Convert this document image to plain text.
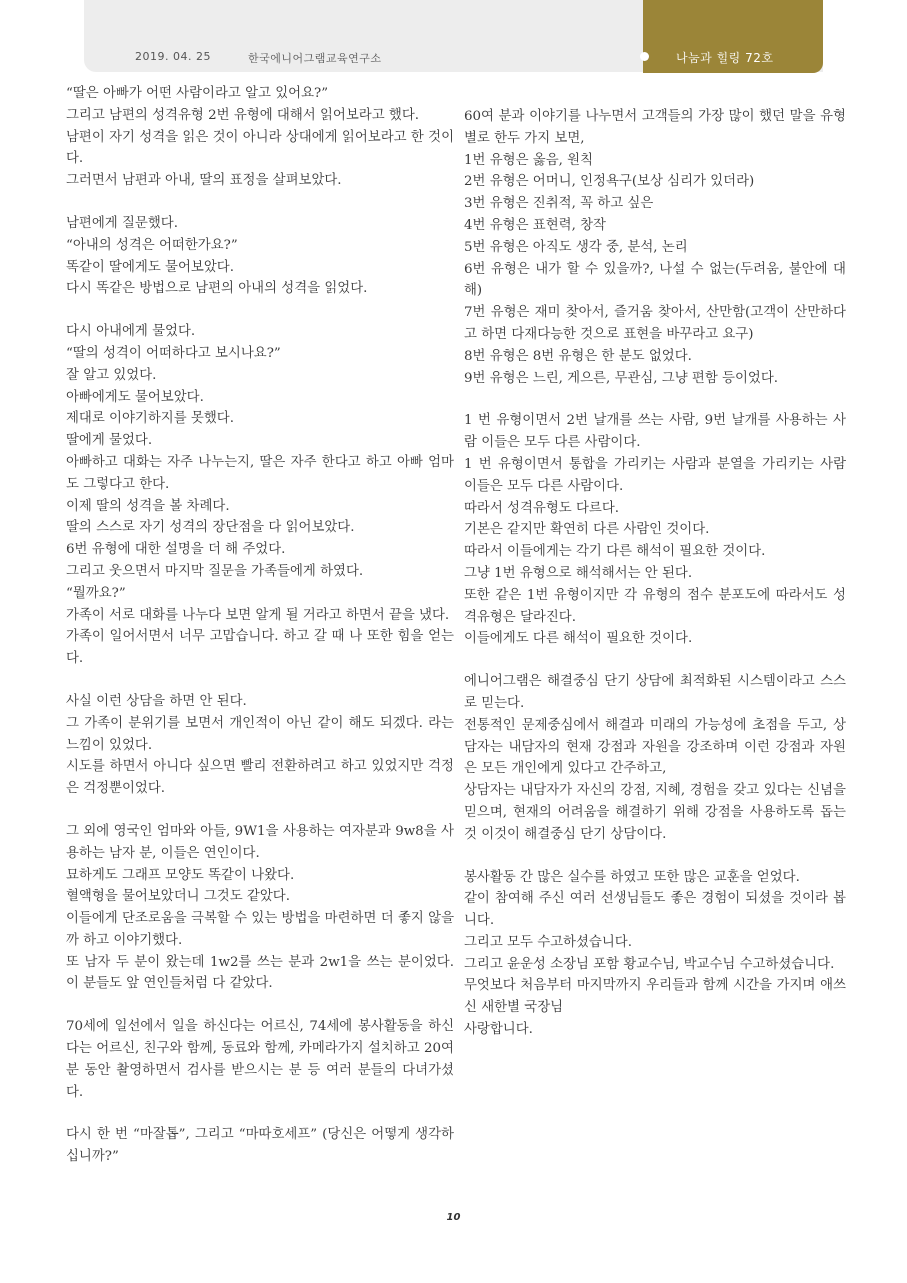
2019. 04. 25	한국에니어그램교육연구소	나눔과 힐링 72호

“딸은 아빠가 어떤 사람이라고 알고 있어요?”
그리고 남편의 성격유형 2번 유형에 대해서 읽어보라고 했다.
남편이 자기 성격을 읽은 것이 아니라 상대에게 읽어보라고 한 것이다.
그러면서 남편과 아내, 딸의 표정을 살펴보았다.

남편에게 질문했다.
“아내의 성격은 어떠한가요?”
똑같이 딸에게도 물어보았다.
다시 똑같은 방법으로 남편의 아내의 성격을 읽었다.

다시 아내에게 물었다.
“딸의 성격이 어떠하다고 보시나요?”
잘 알고 있었다.
아빠에게도 물어보았다.
제대로 이야기하지를 못했다.
딸에게 물었다.
아빠하고 대화는 자주 나누는지, 딸은 자주 한다고 하고 아빠 엄마도 그렇다고 한다.
이제 딸의 성격을 볼 차례다.
딸의 스스로 자기 성격의 장단점을 다 읽어보았다.
6번 유형에 대한 설명을 더 해 주었다.
그리고 웃으면서 마지막 질문을 가족들에게 하였다.
“뭘까요?”
가족이 서로 대화를 나누다 보면 알게 될 거라고 하면서 끝을 냈다.
가족이 일어서면서 너무 고맙습니다. 하고 갈 때 나 또한 힘을 얻는다.

사실 이런 상담을 하면 안 된다.
그 가족이 분위기를 보면서 개인적이 아닌 같이 해도 되겠다. 라는 느낌이 있었다.
시도를 하면서 아니다 싶으면 빨리 전환하려고 하고 있었지만 걱정은 걱정뿐이었다.

그 외에 영국인 엄마와 아들, 9W1을 사용하는 여자분과 9w8을 사용하는 남자 분, 이들은 연인이다.
묘하게도 그래프 모양도 똑같이 나왔다.
혈액형을 물어보았더니 그것도 같았다.
이들에게 단조로움을 극복할 수 있는 방법을 마련하면 더 좋지 않을까 하고 이야기했다.
또 남자 두 분이 왔는데 1w2를 쓰는 분과 2w1을 쓰는 분이었다. 이 분들도 앞 연인들처럼 다 같았다.

70세에 일선에서 일을 하신다는 어르신, 74세에 봉사활동을 하신다는 어르신, 친구와 함께, 동료와 함께, 카메라가지 설치하고 20여분 동안 촬영하면서 검사를 받으시는 분 등 여러 분들의 다녀가셨다.

다시 한 번 “마잘톱”, 그리고 “마따호세프” (당신은 어떻게 생각하십니까?”

60여 분과 이야기를 나누면서 고객들의 가장 많이 했던 말을 유형별로 한두 가지 보면,
1번 유형은 옳음, 원칙
2번 유형은 어머니, 인정욕구(보상 심리가 있더라)
3번 유형은 진취적, 꼭 하고 싶은
4번 유형은 표현력, 창작
5번 유형은 아직도 생각 중, 분석, 논리
6번 유형은 내가 할 수 있을까?, 나설 수 없는(두려움, 불안에 대해)
7번 유형은 재미 찾아서, 즐거움 찾아서, 산만함(고객이 산만하다고 하면 다재다능한 것으로 표현을 바꾸라고 요구)
8번 유형은 8번 유형은 한 분도 없었다.
9번 유형은 느린, 게으른, 무관심, 그냥 편함 등이었다.

1 번 유형이면서 2번 날개를 쓰는 사람, 9번 날개를 사용하는 사람 이들은 모두 다른 사람이다.
1 번 유형이면서 통합을 가리키는 사람과 분열을 가리키는 사람 이들은 모두 다른 사람이다.
따라서 성격유형도 다르다.
기본은 같지만 확연히 다른 사람인 것이다.
따라서 이들에게는 각기 다른 해석이 필요한 것이다.
그냥 1번 유형으로 해석해서는 안 된다.
또한 같은 1번 유형이지만 각 유형의 점수 분포도에 따라서도 성격유형은 달라진다.
이들에게도 다른 해석이 필요한 것이다.

에니어그램은 해결중심 단기 상담에 최적화된 시스템이라고 스스로 믿는다.
전통적인 문제중심에서 해결과 미래의 가능성에 초점을 두고, 상담자는 내담자의 현재 강점과 자원을 강조하며 이런 강점과 자원은 모든 개인에게 있다고 간주하고,
상담자는 내담자가 자신의 강점, 지혜, 경험을 갖고 있다는 신념을 믿으며, 현재의 어려움을 해결하기 위해 강점을 사용하도록 돕는 것 이것이 해결중심 단기 상담이다.

봉사활동 간 많은 실수를 하였고 또한 많은 교훈을 얻었다.
같이 참여해 주신 여러 선생님들도 좋은 경험이 되셨을 것이라 봅니다.
그리고 모두 수고하셨습니다.
그리고 윤운성 소장님 포함 황교수님, 박교수님 수고하셨습니다.
무엇보다 처음부터 마지막까지 우리들과 함께 시간을 가지며 애쓰신 새한별 국장님
사랑합니다.

10
